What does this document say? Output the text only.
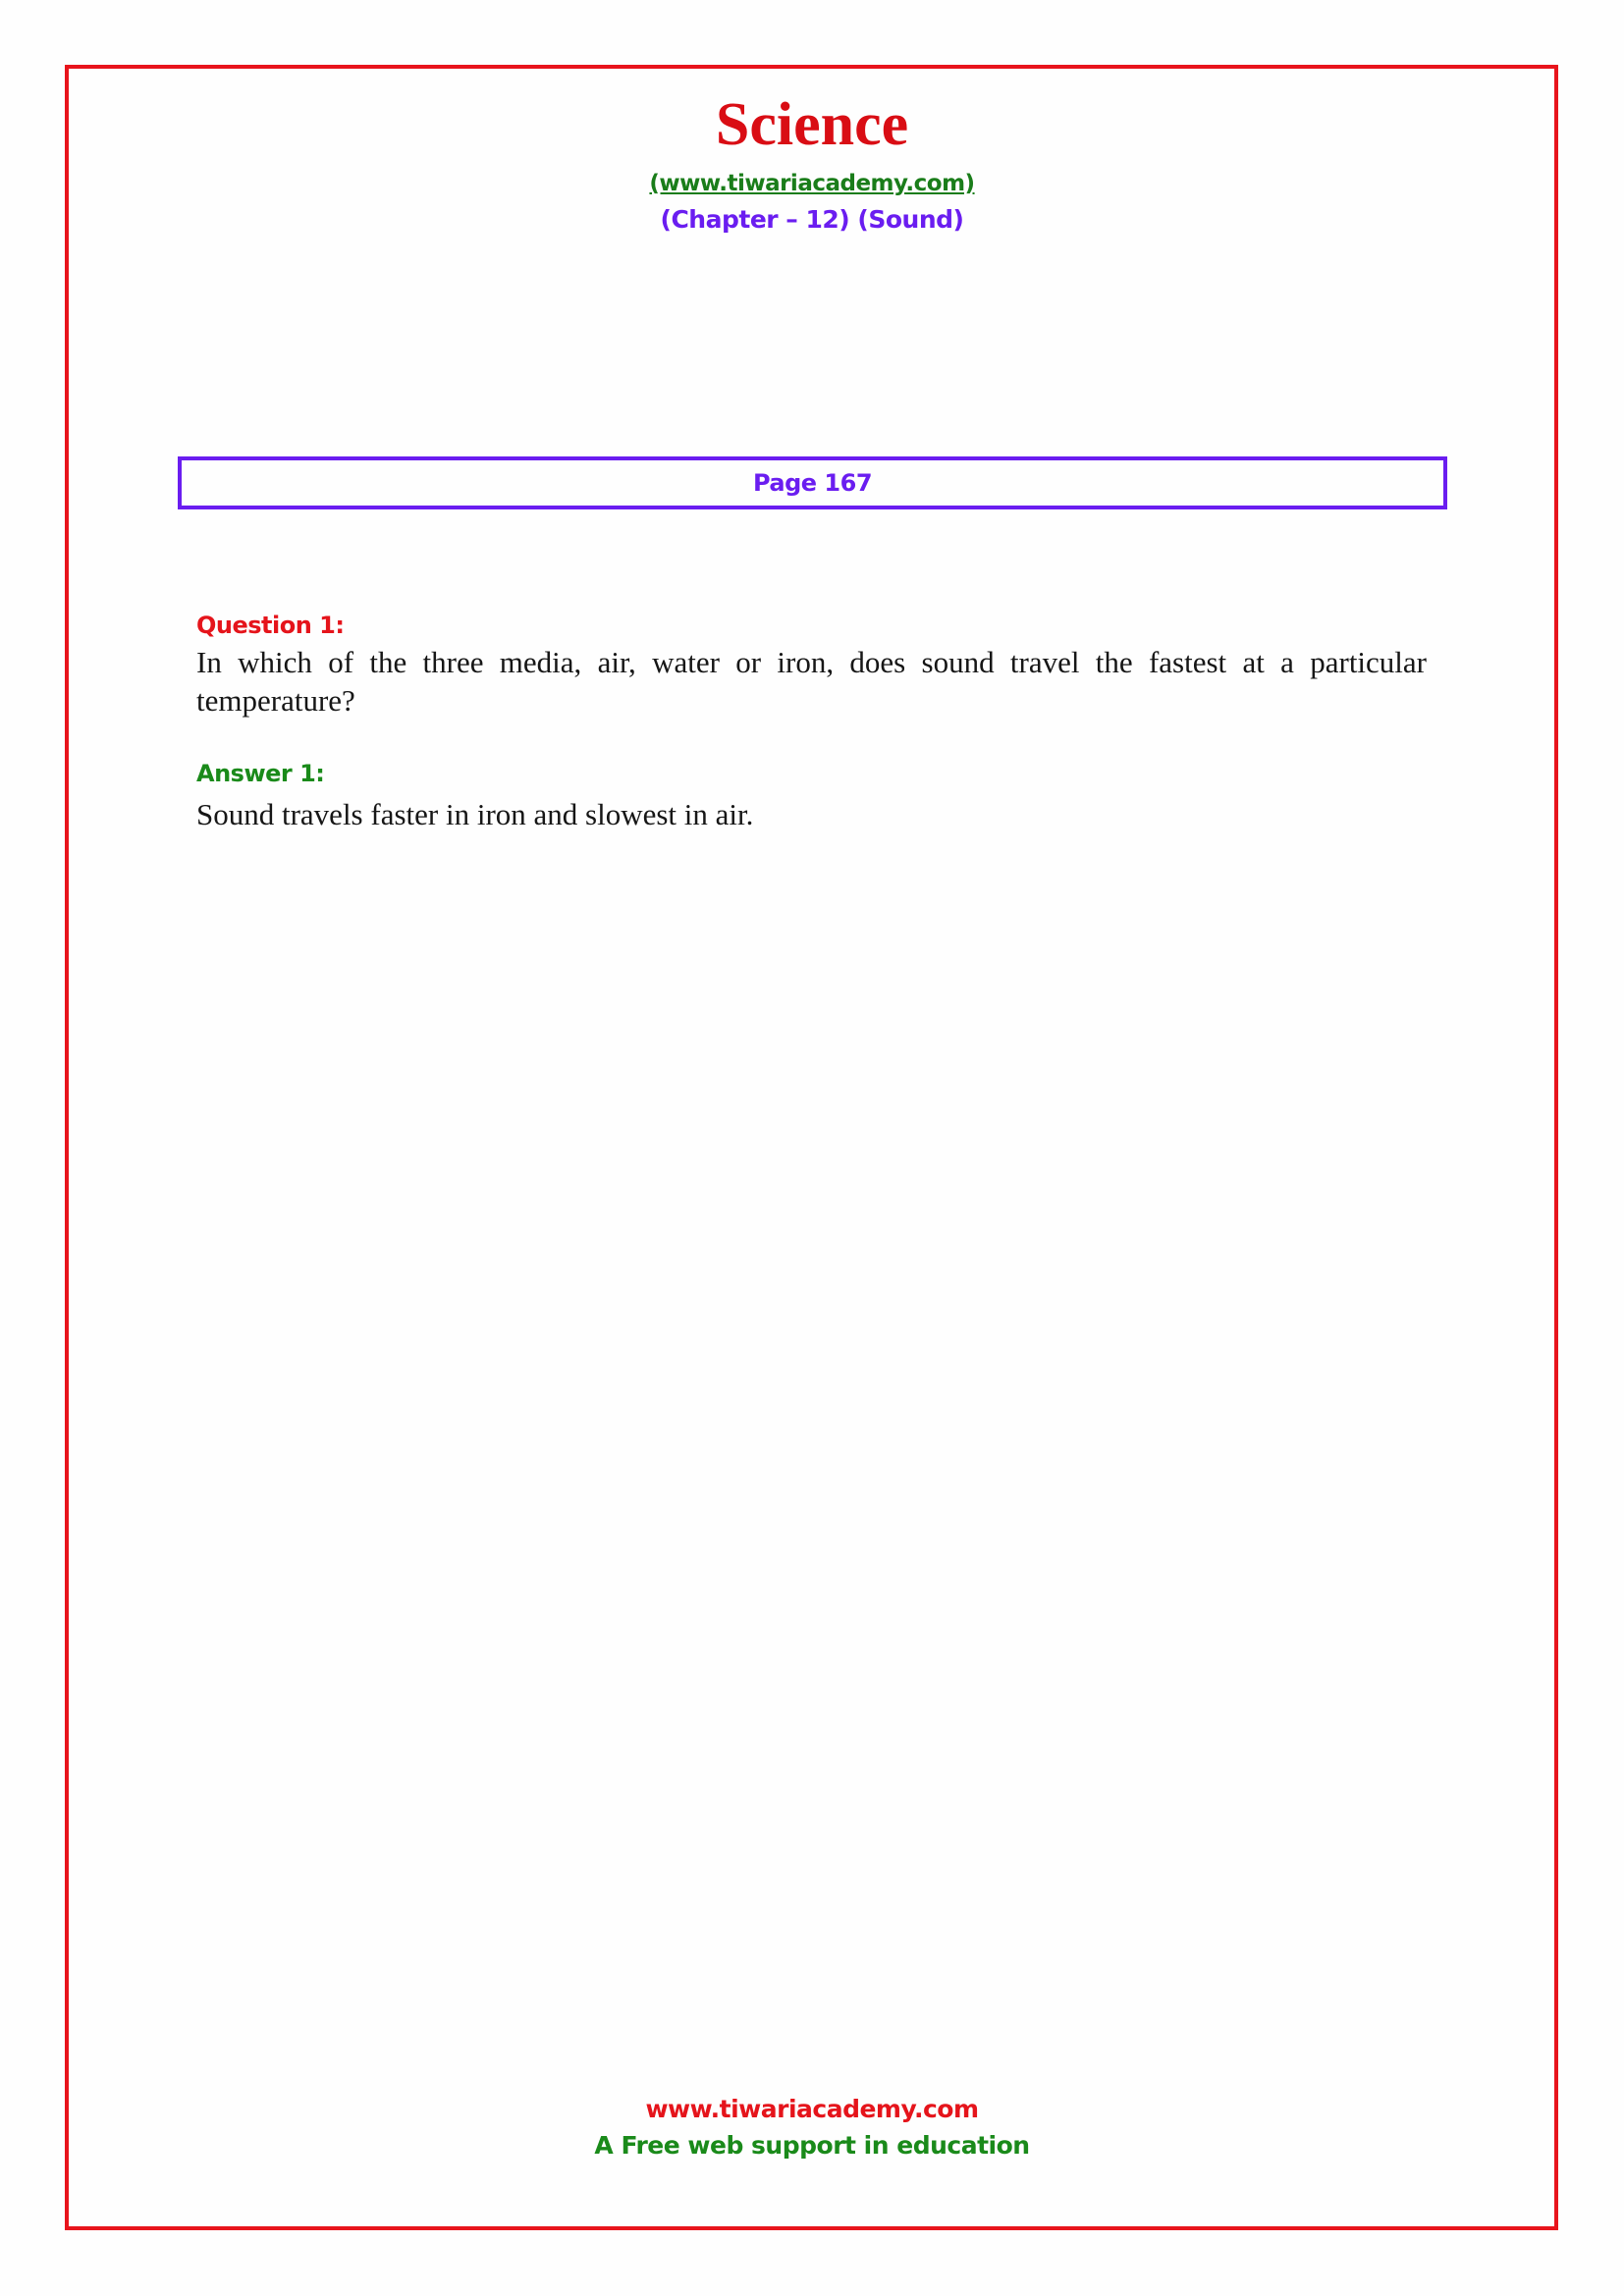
Science
(www.tiwariacademy.com)
(Chapter – 12) (Sound)
Page 167
Question 1:
In which of the three media, air, water or iron, does sound travel the fastest at a particular temperature?
Answer 1:
Sound travels faster in iron and slowest in air.
www.tiwariacademy.com
A Free web support in education
